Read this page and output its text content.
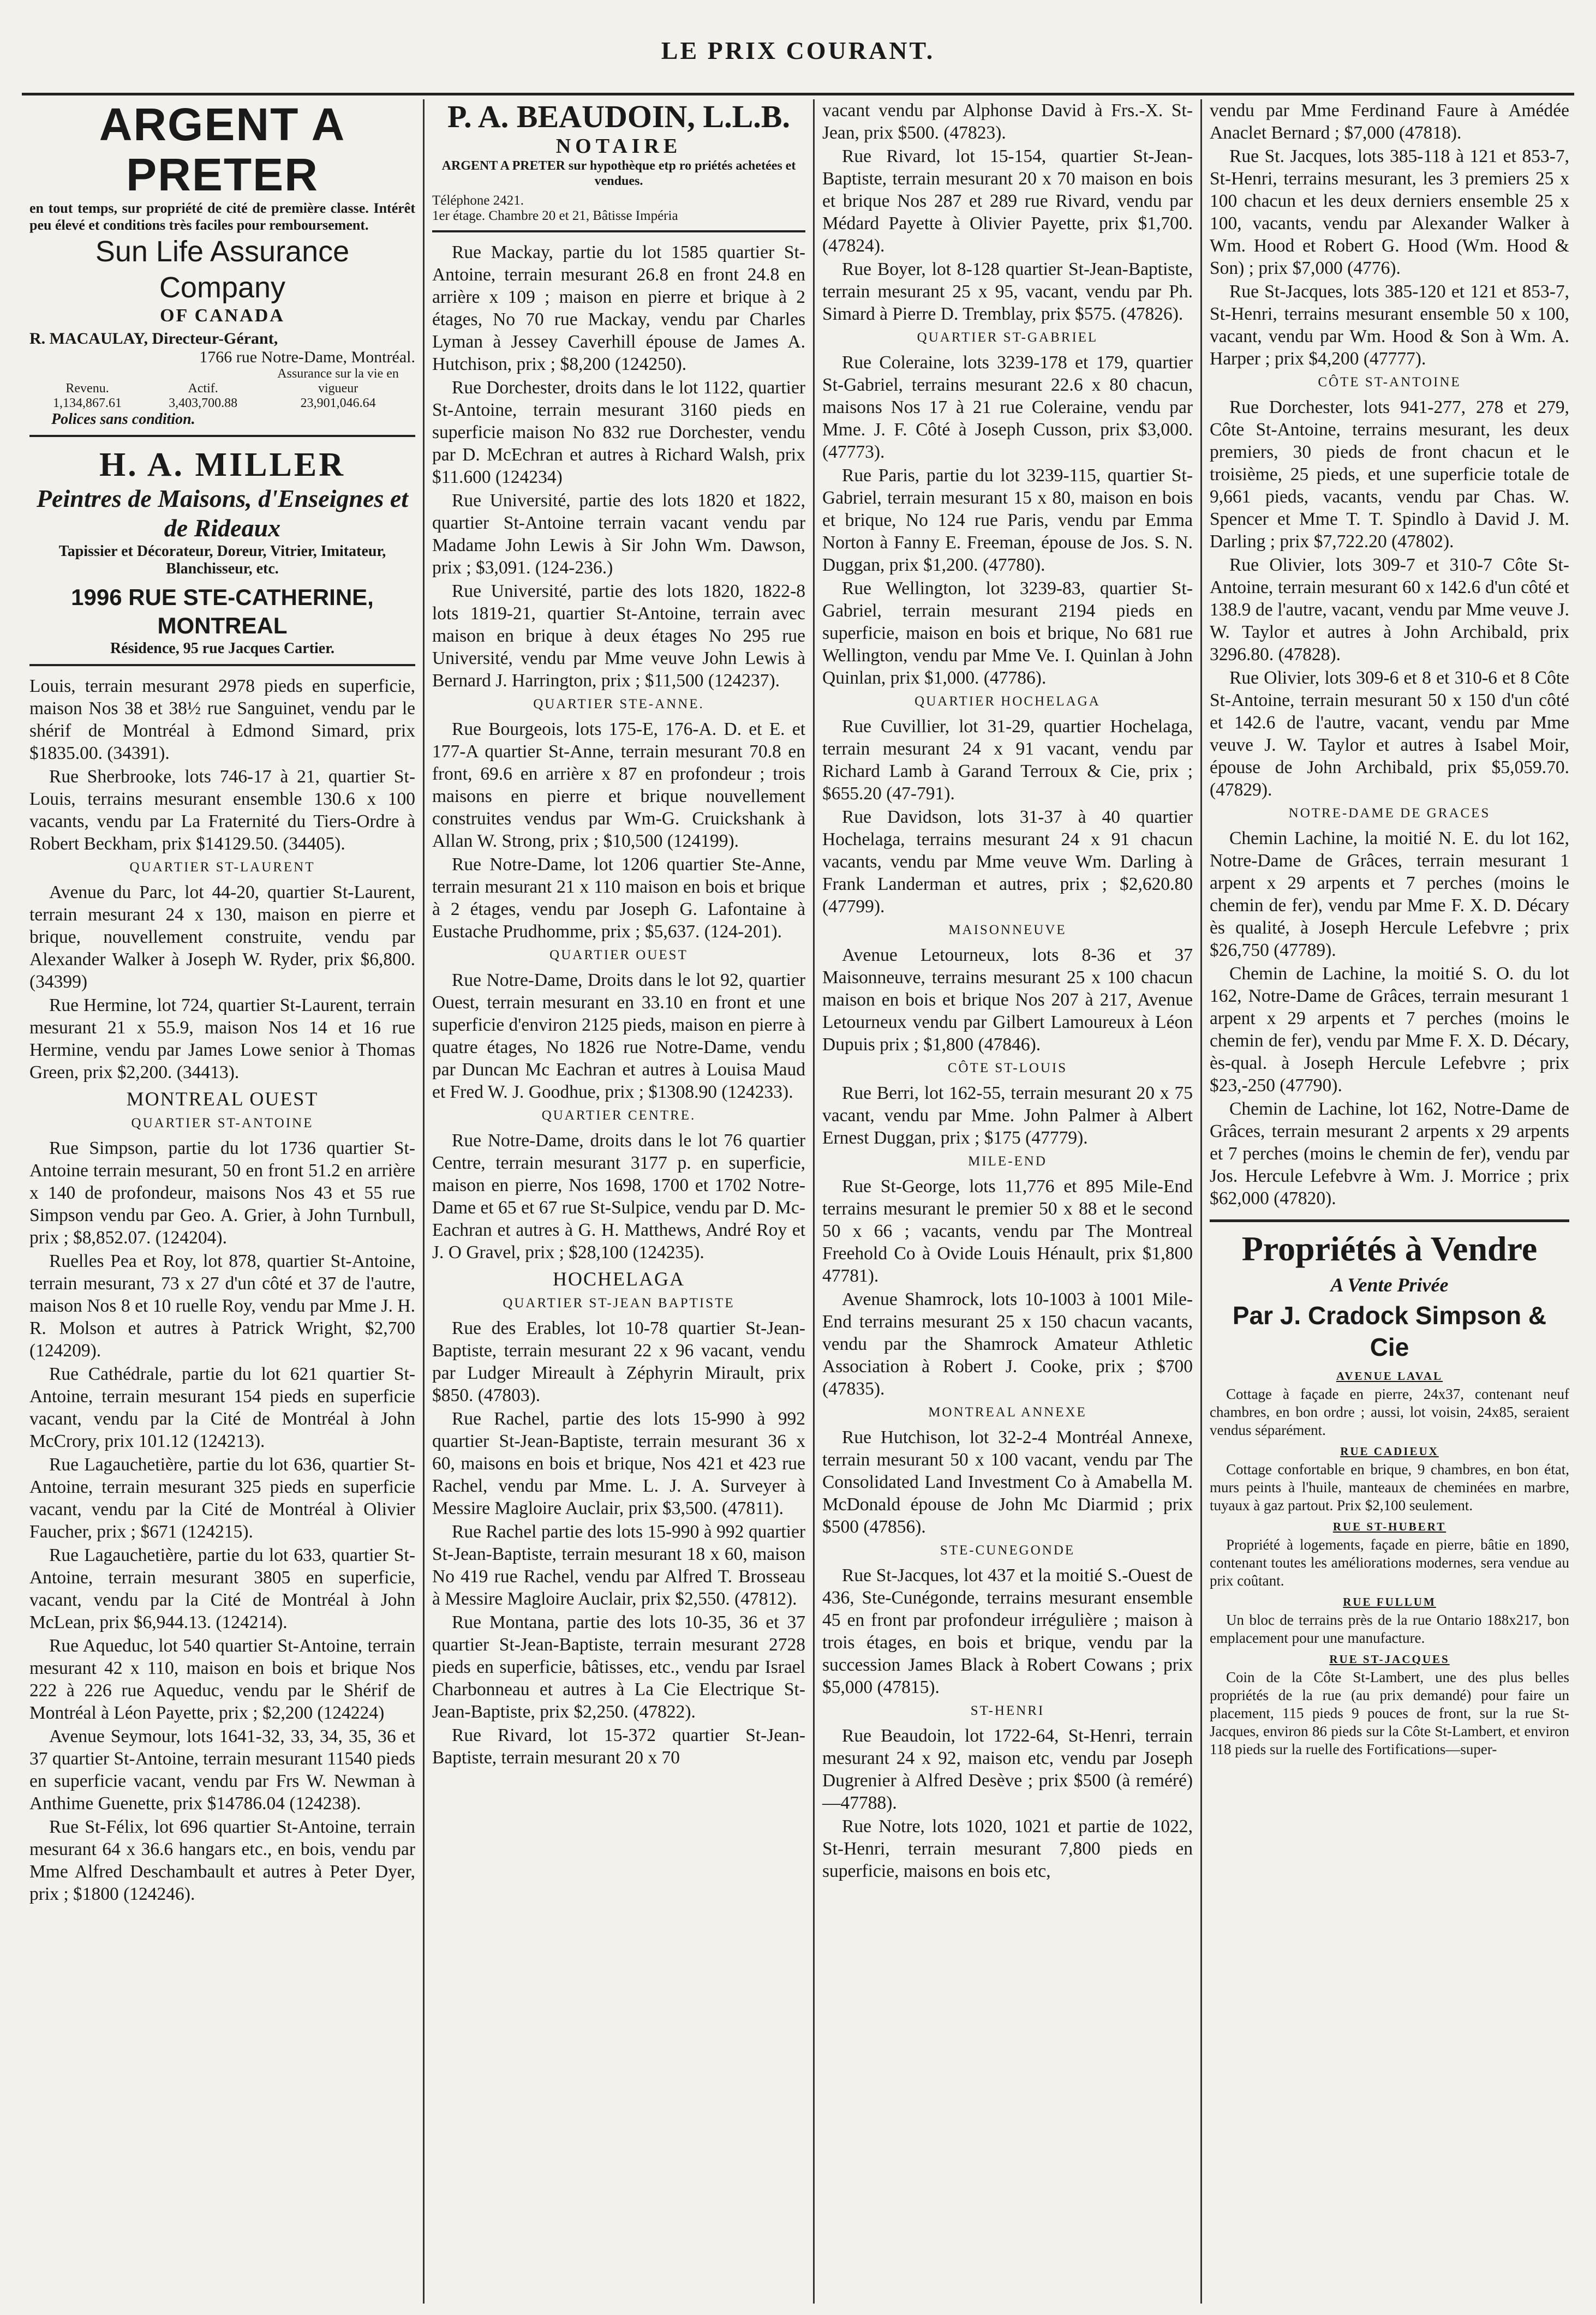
LE PRIX COURANT.
ARGENT A PRETER
en tout temps, sur propriété de cité de première classe. Intérêt peu élevé et conditions très faciles pour remboursement.
Sun Life Assurance Company
OF CANADA
R. MACAULAY, Directeur-Gérant,
1766 rue Notre-Dame, Montréal.
Revenu.	Actif.	Assurance sur la vie en vigueur
1,134,867.61	3,403,700.88	23,901,046.64
Polices sans condition.
H. A. MILLER
Peintres de Maisons, d'Enseignes et de Rideaux
Tapissier et Décorateur, Doreur, Vitrier, Imitateur, Blanchisseur, etc.
1996 RUE STE-CATHERINE, MONTREAL
Résidence, 95 rue Jacques Cartier.

Louis, terrain mesurant 2978 pieds en superficie, maison Nos 38 et 38½ rue Sanguinet, vendu par le shérif de Montréal à Edmond Simard, prix $1835.00. (34391).

Rue Sherbrooke, lots 746-17 à 21, quartier St-Louis, terrains mesurant ensemble 130.6 x 100 vacants, vendu par La Fraternité du Tiers-Ordre à Robert Beckham, prix $14129.50. (34405).

QUARTIER ST-LAURENT

Avenue du Parc, lot 44-20, quartier St-Laurent, terrain mesurant 24 x 130, maison en pierre et brique, nouvellement construite, vendu par Alexander Walker à Joseph W. Ryder, prix $6,800. (34399)

Rue Hermine, lot 724, quartier St-Laurent, terrain mesurant 21 x 55.9, maison Nos 14 et 16 rue Hermine, vendu par James Lowe senior à Thomas Green, prix $2,200. (34413).

MONTREAL OUEST
QUARTIER ST-ANTOINE

Rue Simpson, partie du lot 1736 quartier St-Antoine terrain mesurant, 50 en front 51.2 en arrière x 140 de profondeur, maisons Nos 43 et 55 rue Simpson vendu par Geo. A. Grier, à John Turnbull, prix ; $8,852.07. (124204).

Ruelles Pea et Roy, lot 878, quartier St-Antoine, terrain mesurant, 73 x 27 d'un côté et 37 de l'autre, maison Nos 8 et 10 ruelle Roy, vendu par Mme J. H. R. Molson et autres à Patrick Wright, $2,700 (124209).

Rue Cathédrale, partie du lot 621 quartier St-Antoine, terrain mesurant 154 pieds en superficie vacant, vendu par la Cité de Montréal à John McCrory, prix 101.12 (124213).

Rue Lagauchetière, partie du lot 636, quartier St-Antoine, terrain mesurant 325 pieds en superficie vacant, vendu par la Cité de Montréal à Olivier Faucher, prix ; $671 (124215).

Rue Lagauchetière, partie du lot 633, quartier St-Antoine, terrain mesurant 3805 en superficie, vacant, vendu par la Cité de Montréal à John McLean, prix $6,944.13. (124214).

Rue Aqueduc, lot 540 quartier St-Antoine, terrain mesurant 42 x 110, maison en bois et brique Nos 222 à 226 rue Aqueduc, vendu par le Shérif de Montréal à Léon Payette, prix ; $2,200 (124224)

Avenue Seymour, lots 1641-32, 33, 34, 35, 36 et 37 quartier St-Antoine, terrain mesurant 11540 pieds en superficie vacant, vendu par Frs W. Newman à Anthime Guenette, prix $14786.04 (124238).

Rue St-Félix, lot 696 quartier St-Antoine, terrain mesurant 64 x 36.6 hangars etc., en bois, vendu par Mme Alfred Deschambault et autres à Peter Dyer, prix ; $1800 (124246).

P. A. BEAUDOIN, L.L.B.
NOTAIRE
ARGENT A PRETER sur hypothèque etp ro priétés achetées et vendues.
Téléphone 2421.
1er étage. Chambre 20 et 21, Bâtisse Impéria

Rue Mackay, partie du lot 1585 quartier St-Antoine, terrain mesurant 26.8 en front 24.8 en arrière x 109 ; maison en pierre et brique à 2 étages, No 70 rue Mackay, vendu par Charles Lyman à Jessey Caverhill épouse de James A. Hutchison, prix ; $8,200 (124250).

Rue Dorchester, droits dans le lot 1122, quartier St-Antoine, terrain mesurant 3160 pieds en superficie maison No 832 rue Dorchester, vendu par D. McEchran et autres à Richard Walsh, prix $11.600 (124234)

Rue Université, partie des lots 1820 et 1822, quartier St-Antoine terrain vacant vendu par Madame John Lewis à Sir John Wm. Dawson, prix ; $3,091. (124-236.)

Rue Université, partie des lots 1820, 1822-8 lots 1819-21, quartier St-Antoine, terrain avec maison en brique à deux étages No 295 rue Université, vendu par Mme veuve John Lewis à Bernard J. Harrington, prix ; $11,500 (124237).

QUARTIER STE-ANNE.

Rue Bourgeois, lots 175-E, 176-A. D. et E. et 177-A quartier St-Anne, terrain mesurant 70.8 en front, 69.6 en arrière x 87 en profondeur ; trois maisons en pierre et brique nouvellement construites vendus par Wm-G. Cruickshank à Allan W. Strong, prix ; $10,500 (124199).

Rue Notre-Dame, lot 1206 quartier Ste-Anne, terrain mesurant 21 x 110 maison en bois et brique à 2 étages, vendu par Joseph G. Lafontaine à Eustache Prudhomme, prix ; $5,637. (124-201).

QUARTIER OUEST

Rue Notre-Dame, Droits dans le lot 92, quartier Ouest, terrain mesurant en 33.10 en front et une superficie d'environ 2125 pieds, maison en pierre à quatre étages, No 1826 rue Notre-Dame, vendu par Duncan Mc Eachran et autres à Louisa Maud et Fred W. J. Goodhue, prix ; $1308.90 (124233).

QUARTIER CENTRE.

Rue Notre-Dame, droits dans le lot 76 quartier Centre, terrain mesurant 3177 p. en superficie, maison en pierre, Nos 1698, 1700 et 1702 Notre-Dame et 65 et 67 rue St-Sulpice, vendu par D. Mc-Eachran et autres à G. H. Matthews, André Roy et J. O Gravel, prix ; $28,100 (124235).

HOCHELAGA
QUARTIER ST-JEAN BAPTISTE

Rue des Erables, lot 10-78 quartier St-Jean-Baptiste, terrain mesurant 22 x 96 vacant, vendu par Ludger Mireault à Zéphyrin Mirault, prix $850. (47803).

Rue Rachel, partie des lots 15-990 à 992 quartier St-Jean-Baptiste, terrain mesurant 36 x 60, maisons en bois et brique, Nos 421 et 423 rue Rachel, vendu par Mme. L. J. A. Surveyer à Messire Magloire Auclair, prix $3,500. (47811).

Rue Rachel partie des lots 15-990 à 992 quartier St-Jean-Baptiste, terrain mesurant 18 x 60, maison No 419 rue Rachel, vendu par Alfred T. Brosseau à Messire Magloire Auclair, prix $2,550. (47812).

Rue Montana, partie des lots 10-35, 36 et 37 quartier St-Jean-Baptiste, terrain mesurant 2728 pieds en superficie, bâtisses, etc., vendu par Israel Charbonneau et autres à La Cie Electrique St-Jean-Baptiste, prix $2,250. (47822).

Rue Rivard, lot 15-372 quartier St-Jean-Baptiste, terrain mesurant 20 x 70

vacant vendu par Alphonse David à Frs.-X. St-Jean, prix $500. (47823).

Rue Rivard, lot 15-154, quartier St-Jean-Baptiste, terrain mesurant 20 x 70 maison en bois et brique Nos 287 et 289 rue Rivard, vendu par Médard Payette à Olivier Payette, prix $1,700. (47824).

Rue Boyer, lot 8-128 quartier St-Jean-Baptiste, terrain mesurant 25 x 95, vacant, vendu par Ph. Simard à Pierre D. Tremblay, prix $575. (47826).

QUARTIER ST-GABRIEL

Rue Coleraine, lots 3239-178 et 179, quartier St-Gabriel, terrains mesurant 22.6 x 80 chacun, maisons Nos 17 à 21 rue Coleraine, vendu par Mme. J. F. Côté à Joseph Cusson, prix $3,000. (47773).

Rue Paris, partie du lot 3239-115, quartier St-Gabriel, terrain mesurant 15 x 80, maison en bois et brique, No 124 rue Paris, vendu par Emma Norton à Fanny E. Freeman, épouse de Jos. S. N. Duggan, prix $1,200. (47780).

Rue Wellington, lot 3239-83, quartier St-Gabriel, terrain mesurant 2194 pieds en superficie, maison en bois et brique, No 681 rue Wellington, vendu par Mme Ve. I. Quinlan à John Quinlan, prix $1,000. (47786).

QUARTIER HOCHELAGA

Rue Cuvillier, lot 31-29, quartier Hochelaga, terrain mesurant 24 x 91 vacant, vendu par Richard Lamb à Garand Terroux & Cie, prix ; $655.20 (47-791).

Rue Davidson, lots 31-37 à 40 quartier Hochelaga, terrains mesurant 24 x 91 chacun vacants, vendu par Mme veuve Wm. Darling à Frank Landerman et autres, prix ; $2,620.80 (47799).

MAISONNEUVE

Avenue Letourneux, lots 8-36 et 37 Maisonneuve, terrains mesurant 25 x 100 chacun maison en bois et brique Nos 207 à 217, Avenue Letourneux vendu par Gilbert Lamoureux à Léon Dupuis prix ; $1,800 (47846).

CÔTE ST-LOUIS

Rue Berri, lot 162-55, terrain mesurant 20 x 75 vacant, vendu par Mme. John Palmer à Albert Ernest Duggan, prix ; $175 (47779).

MILE-END

Rue St-George, lots 11,776 et 895 Mile-End terrains mesurant le premier 50 x 88 et le second 50 x 66 ; vacants, vendu par The Montreal Freehold Co à Ovide Louis Hénault, prix $1,800 47781).

Avenue Shamrock, lots 10-1003 à 1001 Mile-End terrains mesurant 25 x 150 chacun vacants, vendu par the Shamrock Amateur Athletic Association à Robert J. Cooke, prix ; $700 (47835).

MONTREAL ANNEXE

Rue Hutchison, lot 32-2-4 Montréal Annexe, terrain mesurant 50 x 100 vacant, vendu par The Consolidated Land Investment Co à Amabella M. McDonald épouse de John Mc Diarmid ; prix $500 (47856).

STE-CUNEGONDE

Rue St-Jacques, lot 437 et la moitié S.-Ouest de 436, Ste-Cunégonde, terrains mesurant ensemble 45 en front par profondeur irrégulière ; maison à trois étages, en bois et brique, vendu par la succession James Black à Robert Cowans ; prix $5,000 (47815).

ST-HENRI

Rue Beaudoin, lot 1722-64, St-Henri, terrain mesurant 24 x 92, maison etc, vendu par Joseph Dugrenier à Alfred Desève ; prix $500 (à reméré)—47788).

Rue Notre, lots 1020, 1021 et partie de 1022, St-Henri, terrain mesurant 7,800 pieds en superficie, maisons en bois etc,

vendu par Mme Ferdinand Faure à Amédée Anaclet Bernard ; $7,000 (47818).

Rue St. Jacques, lots 385-118 à 121 et 853-7, St-Henri, terrains mesurant, les 3 premiers 25 x 100 chacun et les deux derniers ensemble 25 x 100, vacants, vendu par Alexander Walker à Wm. Hood et Robert G. Hood (Wm. Hood & Son) ; prix $7,000 (4776).

Rue St-Jacques, lots 385-120 et 121 et 853-7, St-Henri, terrains mesurant ensemble 50 x 100, vacant, vendu par Wm. Hood & Son à Wm. A. Harper ; prix $4,200 (47777).

CÔTE ST-ANTOINE

Rue Dorchester, lots 941-277, 278 et 279, Côte St-Antoine, terrains mesurant, les deux premiers, 30 pieds de front chacun et le troisième, 25 pieds, et une superficie totale de 9,661 pieds, vacants, vendu par Chas. W. Spencer et Mme T. T. Spindlo à David J. M. Darling ; prix $7,722.20 (47802).

Rue Olivier, lots 309-7 et 310-7 Côte St-Antoine, terrain mesurant 60 x 142.6 d'un côté et 138.9 de l'autre, vacant, vendu par Mme veuve J. W. Taylor et autres à John Archibald, prix 3296.80. (47828).

Rue Olivier, lots 309-6 et 8 et 310-6 et 8 Côte St-Antoine, terrain mesurant 50 x 150 d'un côté et 142.6 de l'autre, vacant, vendu par Mme veuve J. W. Taylor et autres à Isabel Moir, épouse de John Archibald, prix $5,059.70. (47829).

NOTRE-DAME DE GRACES

Chemin Lachine, la moitié N. E. du lot 162, Notre-Dame de Grâces, terrain mesurant 1 arpent x 29 arpents et 7 perches (moins le chemin de fer), vendu par Mme F. X. D. Décary ès qualité, à Joseph Hercule Lefebvre ; prix $26,750 (47789).

Chemin de Lachine, la moitié S. O. du lot 162, Notre-Dame de Grâces, terrain mesurant 1 arpent x 29 arpents et 7 perches (moins le chemin de fer), vendu par Mme F. X. D. Décary, ès-qual. à Joseph Hercule Lefebvre ; prix $23,-250 (47790).

Chemin de Lachine, lot 162, Notre-Dame de Grâces, terrain mesurant 2 arpents x 29 arpents et 7 perches (moins le chemin de fer), vendu par Jos. Hercule Lefebvre à Wm. J. Morrice ; prix $62,000 (47820).

Propriétés à Vendre
A Vente Privée
Par J. Cradock Simpson & Cie
AVENUE LAVAL

Cottage à façade en pierre, 24x37, contenant neuf chambres, en bon ordre ; aussi, lot voisin, 24x85, seraient vendus séparément.

RUE CADIEUX

Cottage confortable en brique, 9 chambres, en bon état, murs peints à l'huile, manteaux de cheminées en marbre, tuyaux à gaz partout. Prix $2,100 seulement.

RUE ST-HUBERT

Propriété à logements, façade en pierre, bâtie en 1890, contenant toutes les améliorations modernes, sera vendue au prix coûtant.

RUE FULLUM

Un bloc de terrains près de la rue Ontario 188x217, bon emplacement pour une manufacture.

RUE ST-JACQUES

Coin de la Côte St-Lambert, une des plus belles propriétés de la rue (au prix demandé) pour faire un placement, 115 pieds 9 pouces de front, sur la rue St-Jacques, environ 86 pieds sur la Côte St-Lambert, et environ 118 pieds sur la ruelle des Fortifications—super-
